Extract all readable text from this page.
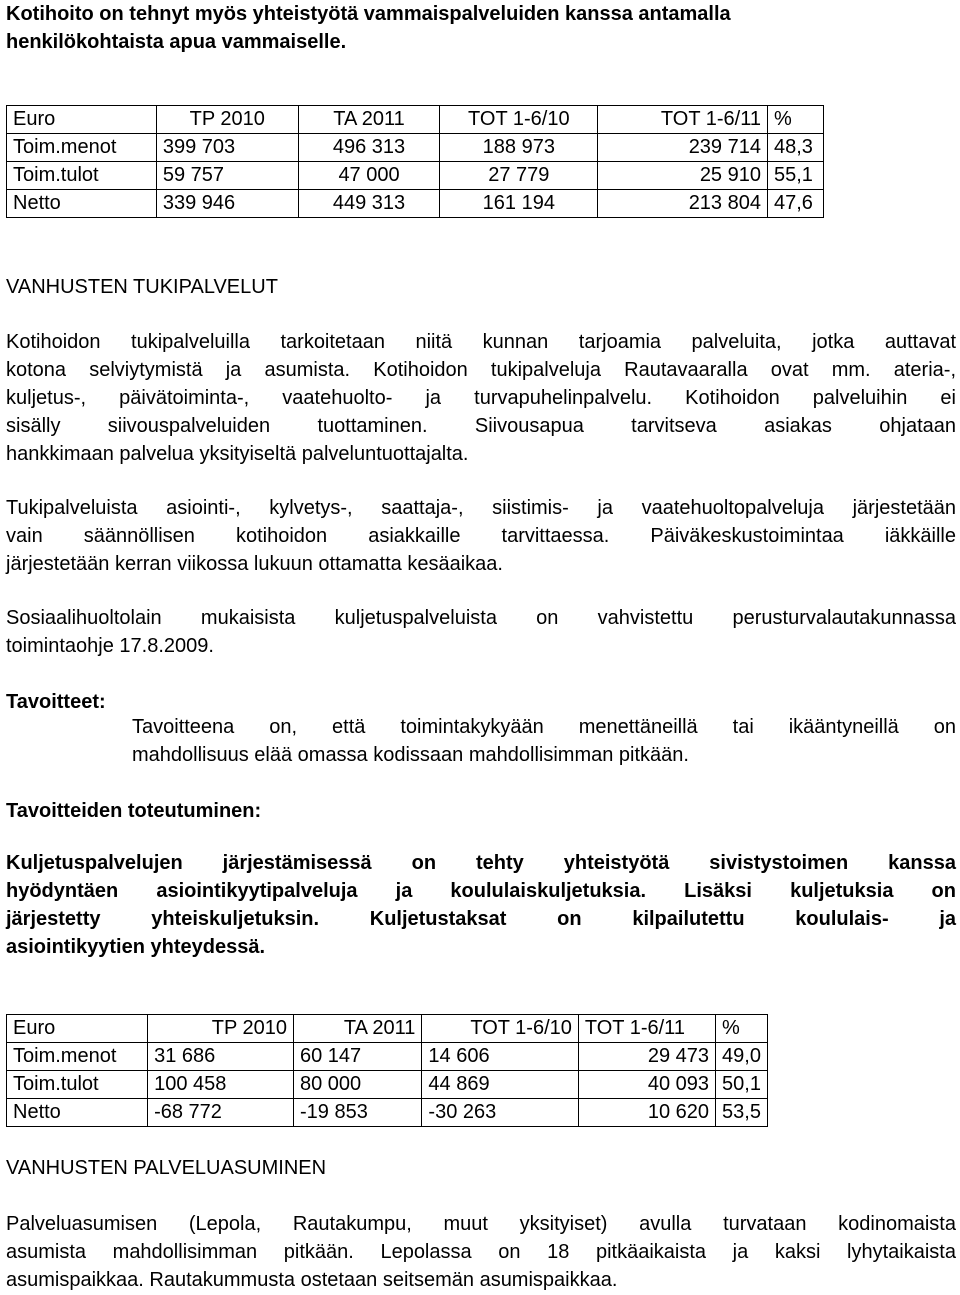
Kotihoito on tehnyt myös yhteistyötä vammaispalveluiden kanssa antamalla
henkilökohtaista apua vammaiselle.
Euro	TP 2010	TA 2011	TOT 1-6/10	TOT 1-6/11	%
Toim.menot	399 703	496 313	188 973	239 714	48,3
Toim.tulot	59 757	47 000	27 779	25 910	55,1
Netto	339 946	449 313	161 194	213 804	47,6
VANHUSTEN TUKIPALVELUT
Kotihoidon tukipalveluilla tarkoitetaan niitä kunnan tarjoamia palveluita, jotka auttavat
kotona selviytymistä ja asumista. Kotihoidon tukipalveluja Rautavaaralla ovat mm. ateria-,
kuljetus-, päivätoiminta-, vaatehuolto- ja turvapuhelinpalvelu. Kotihoidon palveluihin ei
sisälly siivouspalveluiden tuottaminen. Siivousapua tarvitseva asiakas ohjataan
hankkimaan palvelua yksityiseltä palveluntuottajalta.
Tukipalveluista asiointi-, kylvetys-, saattaja-, siistimis- ja vaatehuoltopalveluja järjestetään
vain säännöllisen kotihoidon asiakkaille tarvittaessa. Päiväkeskustoimintaa iäkkäille
järjestetään kerran viikossa lukuun ottamatta kesäaikaa.
Sosiaalihuoltolain mukaisista kuljetuspalveluista on vahvistettu perusturvalautakunnassa
toimintaohje 17.8.2009.
Tavoitteet:
Tavoitteena on, että toimintakykyään menettäneillä tai ikääntyneillä on
mahdollisuus elää omassa kodissaan mahdollisimman pitkään.
Tavoitteiden toteutuminen:
Kuljetuspalvelujen järjestämisessä on tehty yhteistyötä sivistystoimen kanssa
hyödyntäen asiointikyytipalveluja ja koululaiskuljetuksia. Lisäksi kuljetuksia on
järjestetty yhteiskuljetuksin. Kuljetustaksat on kilpailutettu koululais- ja
asiointikyytien yhteydessä.
Euro	TP 2010	TA 2011	TOT 1-6/10	TOT 1-6/11	%
Toim.menot	31 686	60 147	14 606	29 473	49,0
Toim.tulot	100 458	80 000	44 869	40 093	50,1
Netto	-68 772	-19 853	-30 263	10 620	53,5
VANHUSTEN PALVELUASUMINEN
Palveluasumisen (Lepola, Rautakumpu, muut yksityiset) avulla turvataan kodinomaista
asumista mahdollisimman pitkään. Lepolassa on 18 pitkäaikaista ja kaksi lyhytaikaista
asumispaikkaa. Rautakummusta ostetaan seitsemän asumispaikkaa.
